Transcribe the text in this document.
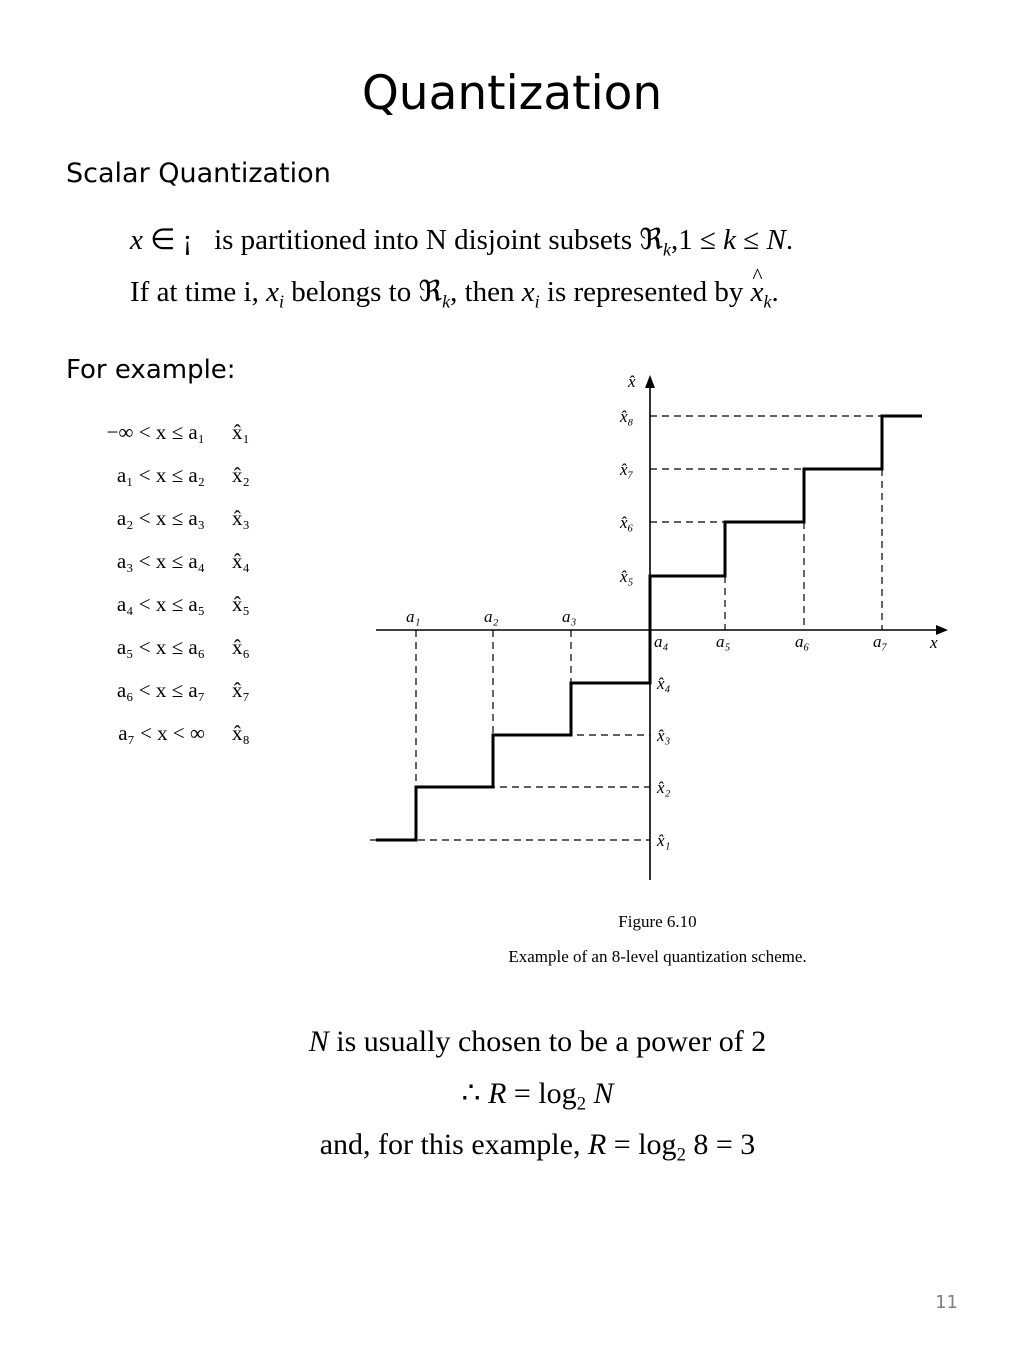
Quantization
Scalar Quantization
x ∈ ¡ is partitioned into N disjoint subsets ℜ$_k$,1 ≤ k ≤ N.
If at time i, $x_i$ belongs to ℜ$_k$, then $x_i$ is represented by ^ $x_k$.
For example:
−∞ < x ≤ a₁ x̂₁
a₁ < x ≤ a₂ x̂₂
a₂ < x ≤ a₃ x̂₃
a₃ < x ≤ a₄ x̂₄
a₄ < x ≤ a₅ x̂₅
a₅ < x ≤ a₆ x̂₆
a₆ < x ≤ a₇ x̂₇
a₇ < x < ∞ x̂₈
x̂
x
a₁	a₂	a₃
a₄	a₅	a₆	a₇
x̂₈
x̂₇
x̂₆
x̂₅
x̂₄
x̂₃
x̂₂
x̂₁
Figure 6.10
Example of an 8-level quantization scheme.
N is usually chosen to be a power of 2
∴ $R = \log_2 N$
and, for this example, $R = \log_2 8 = 3$
11
